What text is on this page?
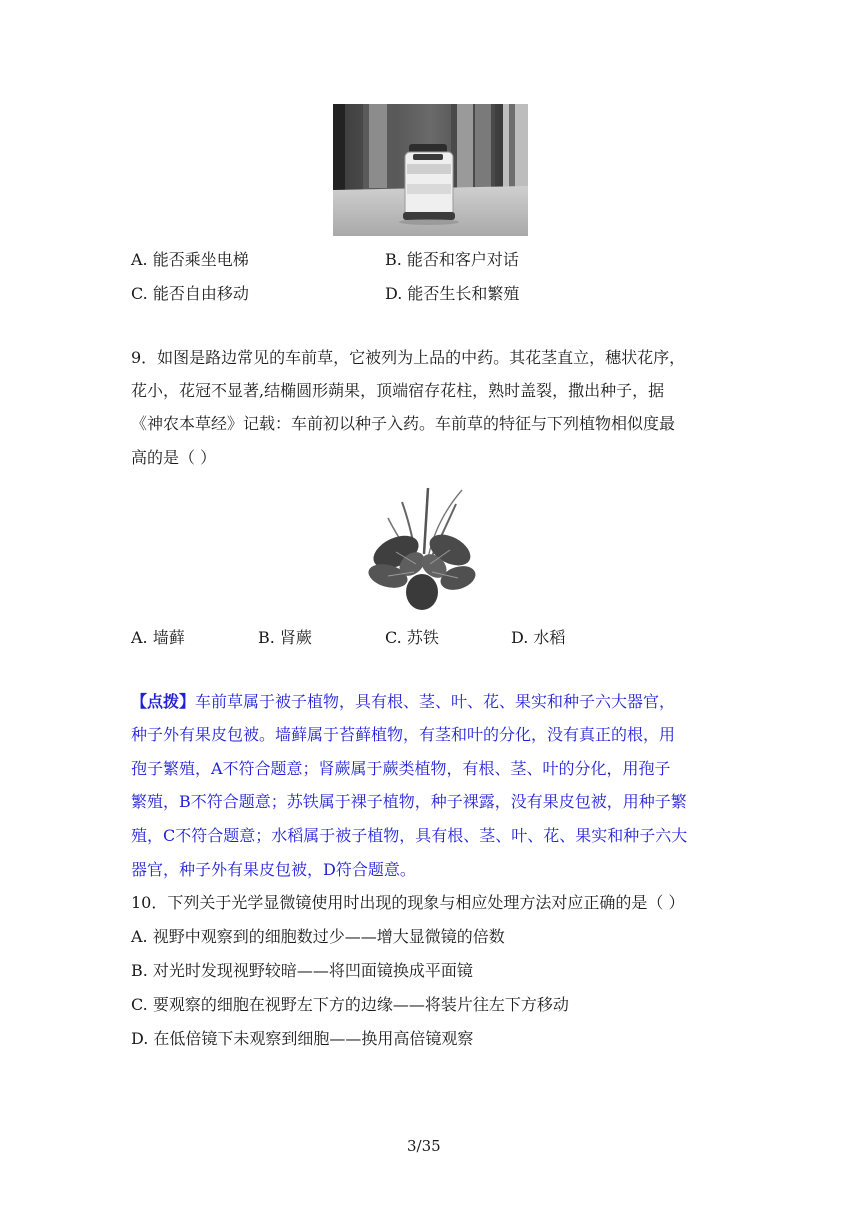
A. 能否乘坐电梯	B. 能否和客户对话
C. 能否自由移动	D. 能否生长和繁殖
9．如图是路边常见的车前草，它被列为上品的中药。其花茎直立，穗状花序，
花小，花冠不显著,结椭圆形蒴果，顶端宿存花柱，熟时盖裂，撒出种子，据
《神农本草经》记载：车前初以种子入药。车前草的特征与下列植物相似度最
高的是（ ）
A. 墙藓	B. 肾蕨	C. 苏铁	D. 水稻
【点拨】车前草属于被子植物，具有根、茎、叶、花、果实和种子六大器官，
种子外有果皮包被。墙藓属于苔藓植物，有茎和叶的分化，没有真正的根，用
孢子繁殖，A不符合题意；肾蕨属于蕨类植物，有根、茎、叶的分化，用孢子
繁殖，B不符合题意；苏铁属于裸子植物，种子裸露，没有果皮包被，用种子繁
殖，C不符合题意；水稻属于被子植物，具有根、茎、叶、花、果实和种子六大
器官，种子外有果皮包被，D符合题意。
10．下列关于光学显微镜使用时出现的现象与相应处理方法对应正确的是（ ）
A. 视野中观察到的细胞数过少——增大显微镜的倍数
B. 对光时发现视野较暗——将凹面镜换成平面镜
C. 要观察的细胞在视野左下方的边缘——将装片往左下方移动
D. 在低倍镜下未观察到细胞——换用高倍镜观察
3/35
